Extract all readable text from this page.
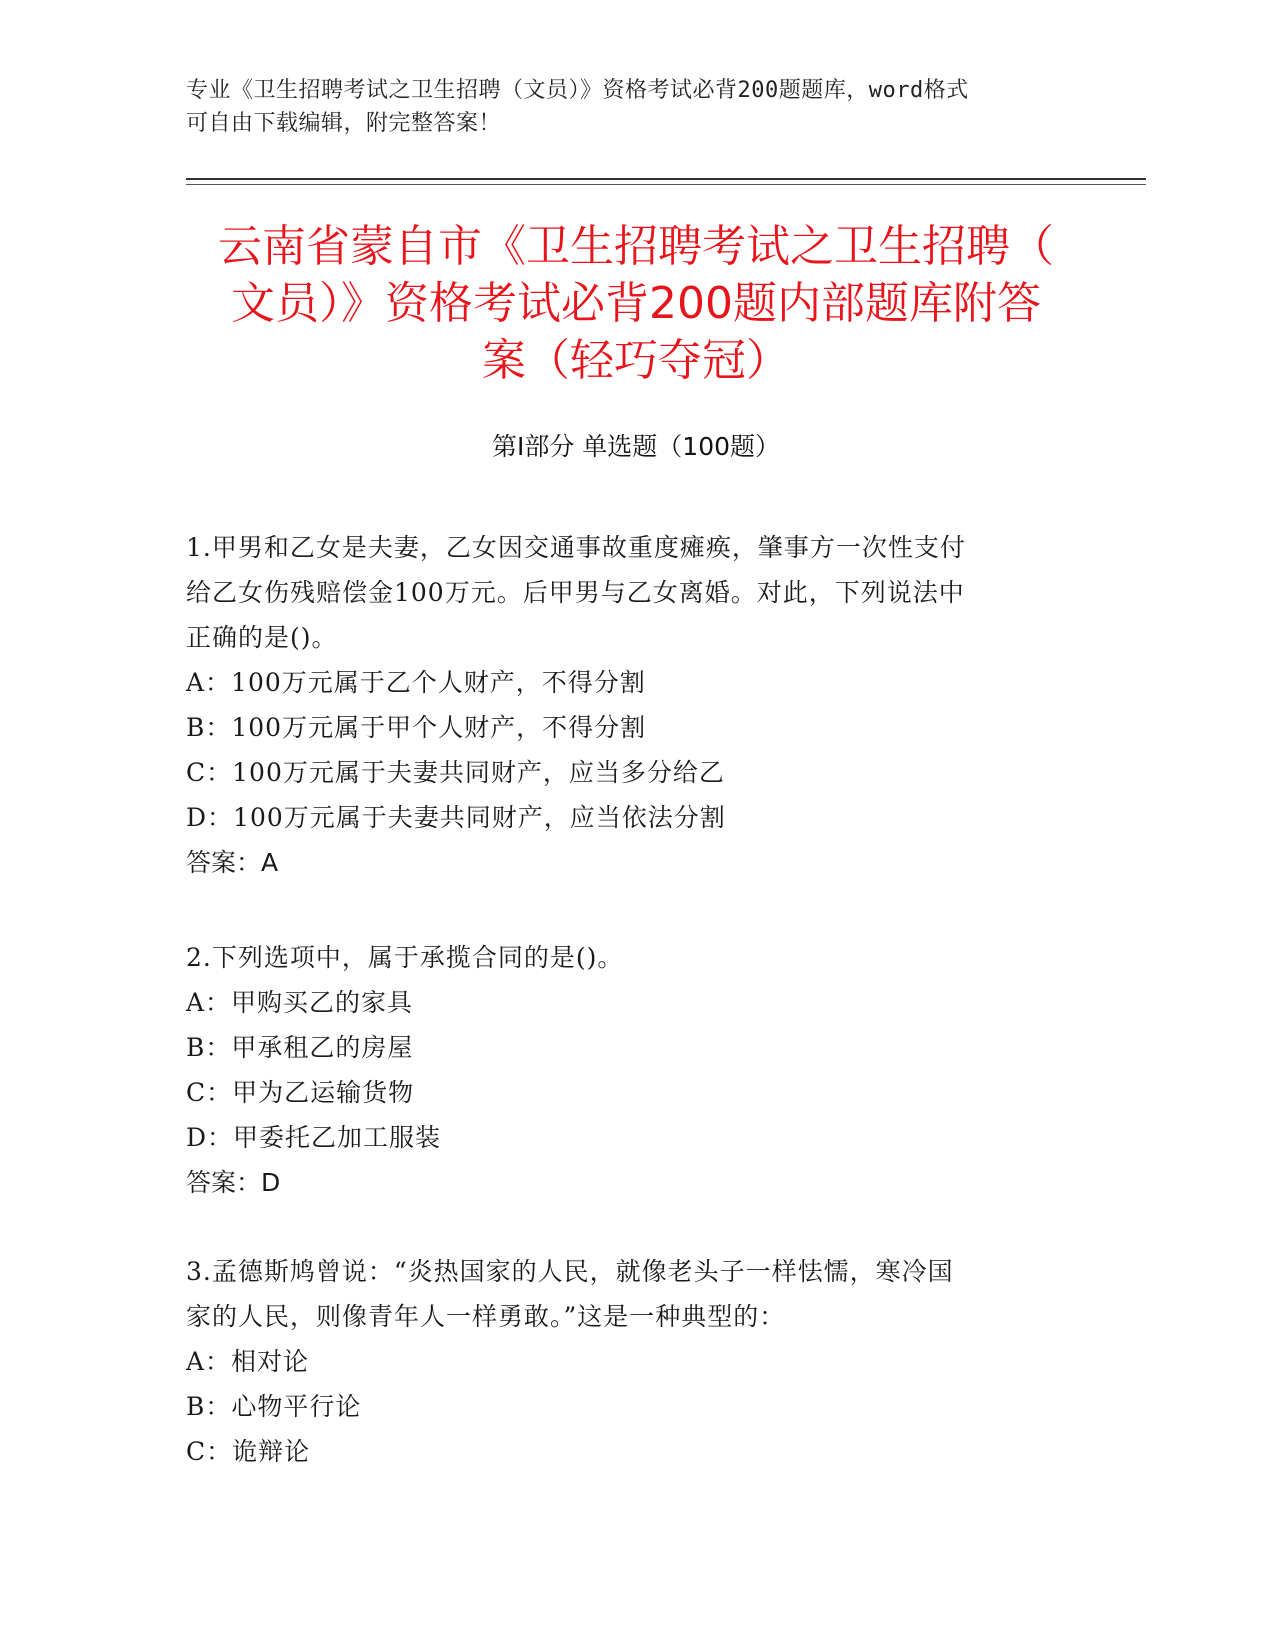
专业《卫生招聘考试之卫生招聘（文员）》资格考试必背200题题库，word格式
可自由下载编辑，附完整答案！
云南省蒙自市《卫生招聘考试之卫生招聘（
文员）》资格考试必背200题内部题库附答
案（轻巧夺冠）
第Ⅰ部分 单选题（100题）
1.甲男和乙女是夫妻，乙女因交通事故重度瘫痪，肇事方一次性支付
给乙女伤残赔偿金100万元。后甲男与乙女离婚。对此，下列说法中
正确的是()。
A：100万元属于乙个人财产，不得分割
B：100万元属于甲个人财产，不得分割
C：100万元属于夫妻共同财产，应当多分给乙
D：100万元属于夫妻共同财产，应当依法分割
答案：A
2.下列选项中，属于承揽合同的是()。
A：甲购买乙的家具
B：甲承租乙的房屋
C：甲为乙运输货物
D：甲委托乙加工服装
答案：D
3.孟德斯鸠曾说：“炎热国家的人民，就像老头子一样怯懦，寒冷国
家的人民，则像青年人一样勇敢。”这是一种典型的：
A：相对论
B：心物平行论
C：诡辩论
